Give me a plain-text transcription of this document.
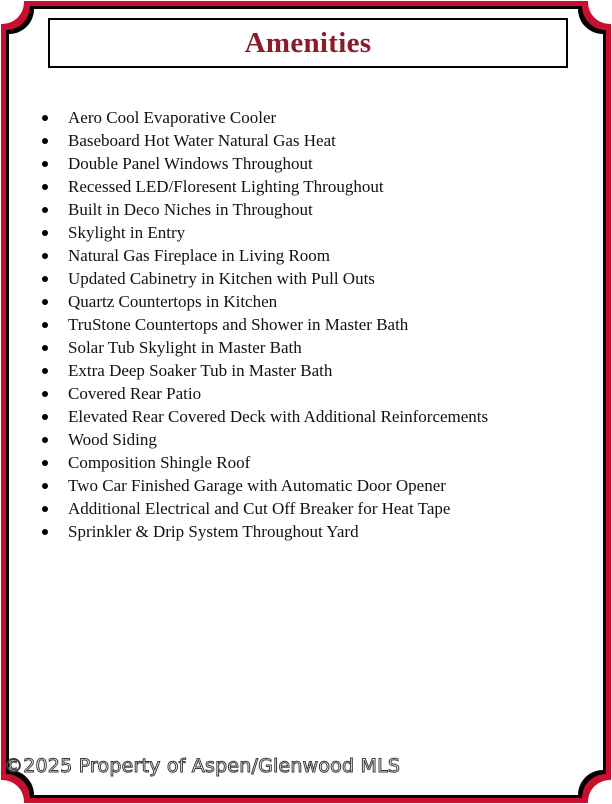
Amenities
Aero Cool Evaporative Cooler
Baseboard Hot Water Natural Gas Heat
Double Panel Windows Throughout
Recessed LED/Floresent Lighting Throughout
Built in Deco Niches in Throughout
Skylight in Entry
Natural Gas Fireplace in Living Room
Updated Cabinetry in Kitchen with Pull Outs
Quartz Countertops in Kitchen
TruStone Countertops and Shower in Master Bath
Solar Tub Skylight in Master Bath
Extra Deep Soaker Tub in Master Bath
Covered Rear Patio
Elevated Rear Covered Deck with Additional Reinforcements
Wood Siding
Composition Shingle Roof
Two Car Finished Garage with Automatic Door Opener
Additional Electrical and Cut Off Breaker for Heat Tape
Sprinkler & Drip System Throughout Yard
©2025 Property of Aspen/Glenwood MLS
